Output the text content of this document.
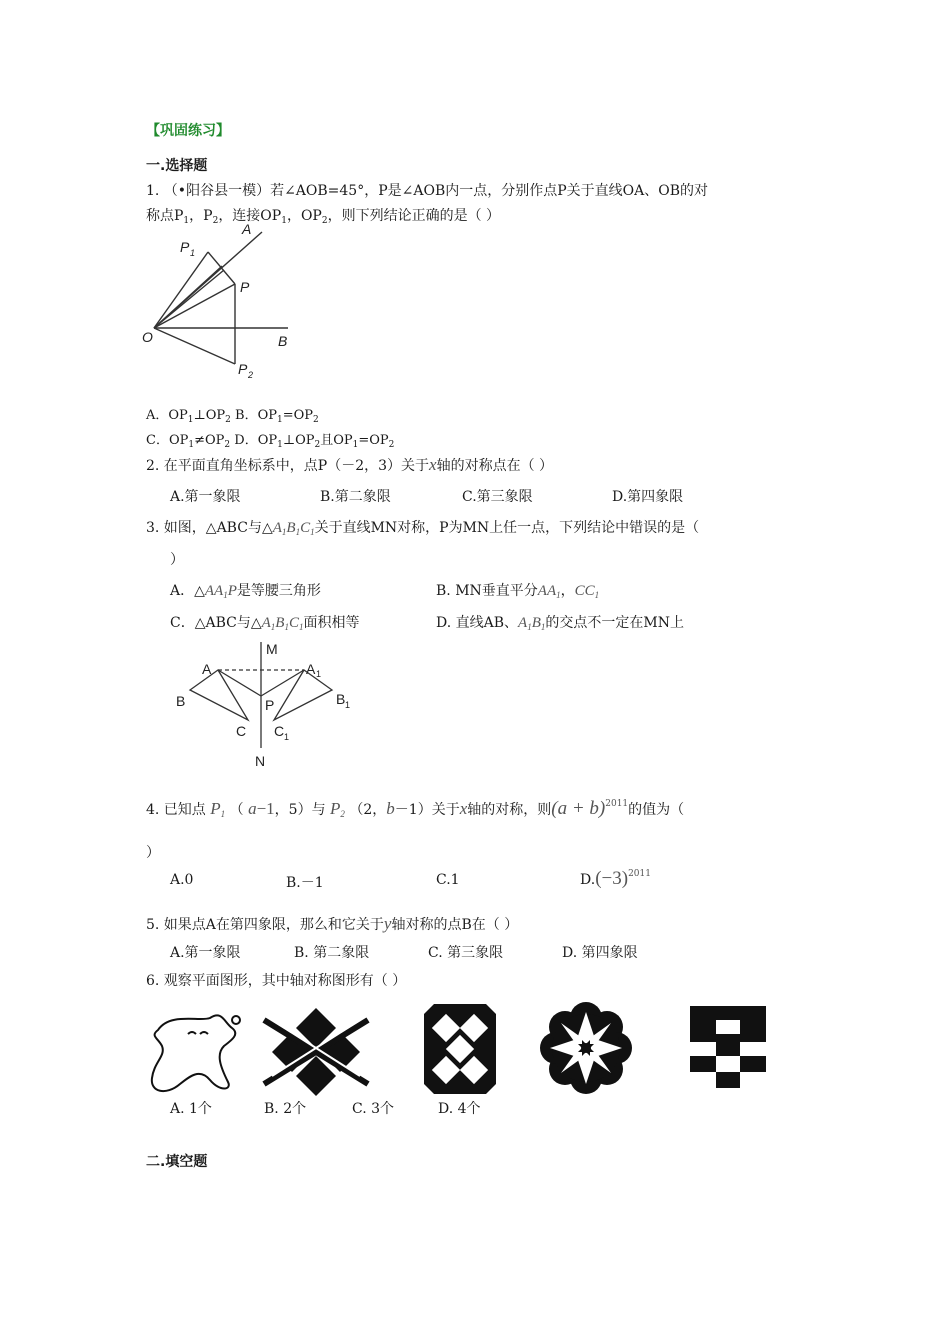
【巩固练习】
一.选择题
1. （•阳谷县一模）若∠AOB=45°，P是∠AOB内一点，分别作点P关于直线OA、OB的对
称点$P_1$，$P_2$，连接$OP_1$，$OP_2$，则下列结论正确的是（ ）
A
B
O
P
P 1
P 2
A．$OP_1\perp OP_2$ B．$OP_1=OP_2$
C．$OP_1\ne OP_2$ D．$OP_1\perp OP_2$且$OP_1=OP_2$
2. 在平面直角坐标系中，点P（－2，3）关于x轴的对称点在（ ）
A.第一象限	B.第二象限	C.第三象限	D.第四象限
3. 如图，△ABC与$\triangle A_1B_1C_1$关于直线MN对称，P为MN上任一点，下列结论中错误的是（
）
A．$\triangle AA_1P$是等腰三角形	B. MN垂直平分$AA_1$，$CC_1$
C．△ABC与$\triangle A_1B_1C_1$面积相等	D. 直线AB、$A_1B_1$的交点不一定在MN上
M
N
A	A 1
B	B 1
C C 1
P
4. 已知点 $P_1$ （ a−1，5）与 $P_2$ （2，b－1）关于x轴的对称，则$(a + b)^{2011}$的值为（
）
A.0	B.－1	C.1	$D.(-3)^{2011}$
5. 如果点A在第四象限，那么和它关于y轴对称的点B在（ ）
A.第一象限	B. 第二象限	C. 第三象限	D. 第四象限
6. 观察平面图形，其中轴对称图形有（ ）
A. 1个	B. 2个	C. 3个	D. 4个
二.填空题
